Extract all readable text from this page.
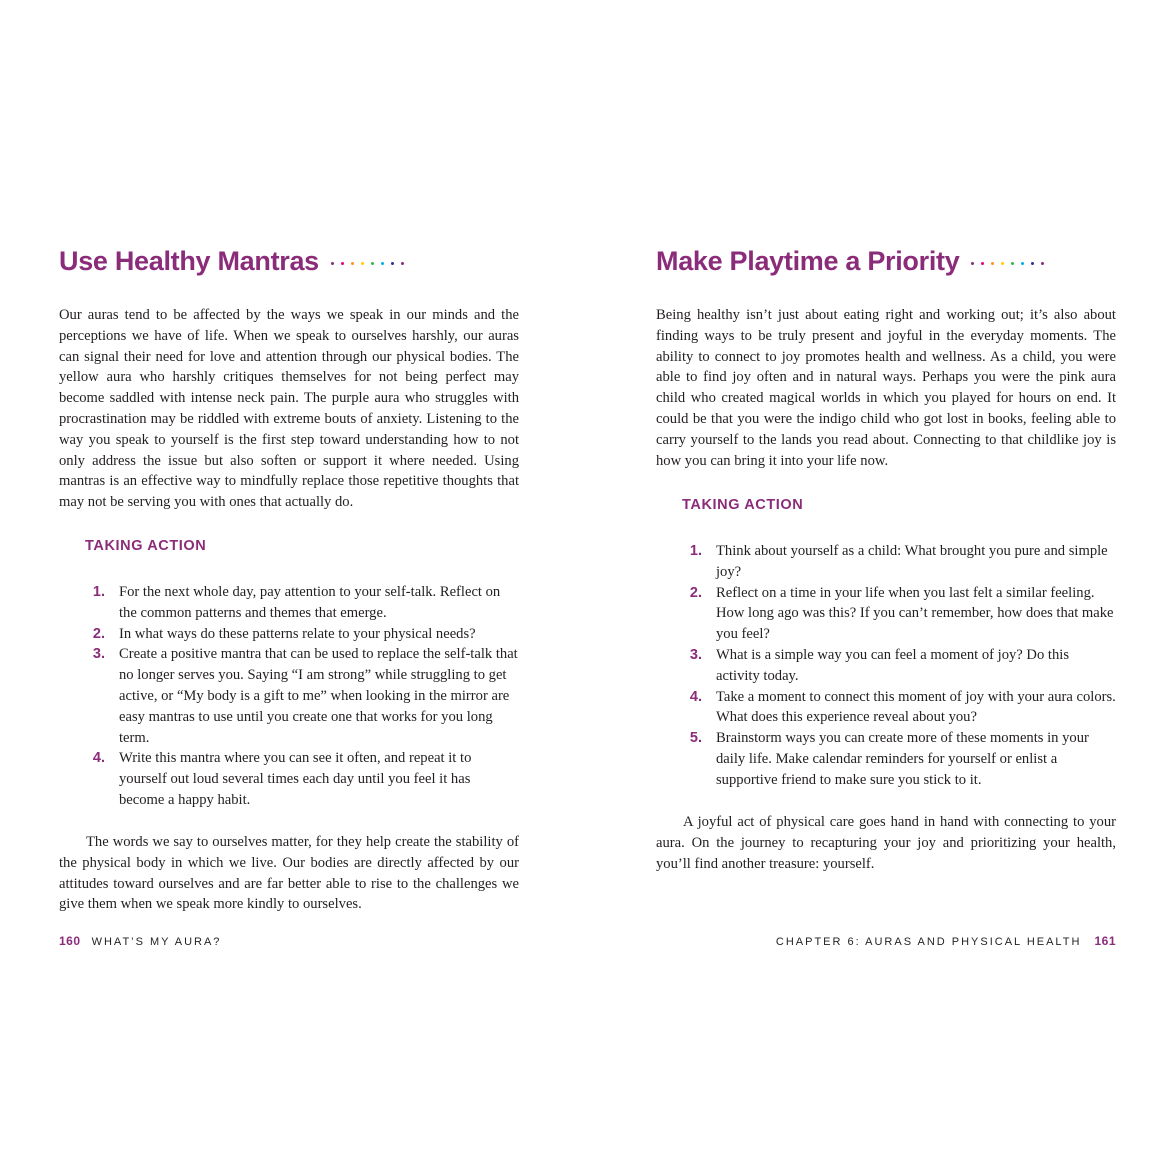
Use Healthy Mantras

Our auras tend to be affected by the ways we speak in our minds and the perceptions we have of life. When we speak to ourselves harshly, our auras can signal their need for love and attention through our physical bodies. The yellow aura who harshly critiques themselves for not being perfect may become saddled with intense neck pain. The purple aura who struggles with procrastination may be riddled with extreme bouts of anxiety. Listening to the way you speak to yourself is the first step toward understanding how to not only address the issue but also soften or support it where needed. Using mantras is an effective way to mindfully replace those repetitive thoughts that may not be serving you with ones that actually do.

TAKING ACTION
1. For the next whole day, pay attention to your self-talk. Reflect on the common patterns and themes that emerge.
2. In what ways do these patterns relate to your physical needs?
3. Create a positive mantra that can be used to replace the self-talk that no longer serves you. Saying “I am strong” while struggling to get active, or “My body is a gift to me” when looking in the mirror are easy mantras to use until you create one that works for you long term.
4. Write this mantra where you can see it often, and repeat it to yourself out loud several times each day until you feel it has become a happy habit.

The words we say to ourselves matter, for they help create the stability of the physical body in which we live. Our bodies are directly affected by our attitudes toward ourselves and are far better able to rise to the challenges we give them when we speak more kindly to ourselves.

160 WHAT’S MY AURA?
Make Playtime a Priority

Being healthy isn’t just about eating right and working out; it’s also about finding ways to be truly present and joyful in the everyday moments. The ability to connect to joy promotes health and wellness. As a child, you were able to find joy often and in natural ways. Perhaps you were the pink aura child who created magical worlds in which you played for hours on end. It could be that you were the indigo child who got lost in books, feeling able to carry yourself to the lands you read about. Connecting to that childlike joy is how you can bring it into your life now.

TAKING ACTION
1. Think about yourself as a child: What brought you pure and simple joy?
2. Reflect on a time in your life when you last felt a similar feeling. How long ago was this? If you can’t remember, how does that make you feel?
3. What is a simple way you can feel a moment of joy? Do this activity today.
4. Take a moment to connect this moment of joy with your aura colors. What does this experience reveal about you?
5. Brainstorm ways you can create more of these moments in your daily life. Make calendar reminders for yourself or enlist a supportive friend to make sure you stick to it.

A joyful act of physical care goes hand in hand with connecting to your aura. On the journey to recapturing your joy and prioritizing your health, you’ll find another treasure: yourself.

CHAPTER 6: AURAS AND PHYSICAL HEALTH 161
